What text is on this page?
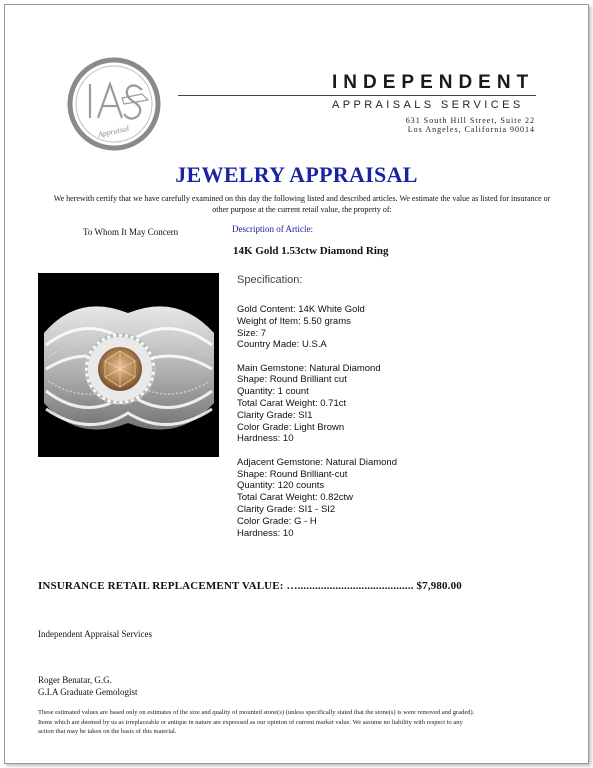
Appraisal
INDEPENDENT
APPRAISALS SERVICES
631 South Hill Street, Suite 22
Los Angeles, California 90014
JEWELRY APPRAISAL
We herewith certify that we have carefully examined on this day the following listed and described articles. We estimate the value as listed for insurance or other purpose at the current retail value, the property of:
To Whom It May Concern	Description of Article:
14K Gold 1.53ctw Diamond Ring
Specification:
Gold Content: 14K White Gold
Weight of Item: 5.50 grams
Size: 7
Country Made: U.S.A
Main Gemstone: Natural Diamond
Shape: Round Brilliant cut
Quantity: 1 count
Total Carat Weight: 0.71ct
Clarity Grade: SI1
Color Grade: Light Brown
Hardness: 10
Adjacent Gemstone: Natural Diamond
Shape: Round Brilliant-cut
Quantity: 120 counts
Total Carat Weight: 0.82ctw
Clarity Grade: SI1 - SI2
Color Grade: G - H
Hardness: 10
INSURANCE RETAIL REPLACEMENT VALUE: …........................................ $7,980.00
Independent Appraisal Services
Roger Benatar, G.G.
G.I.A Graduate Gemologist
These estimated values are based only on estimates of the size and quality of mounted stone(s) (unless specifically stated that the stone(s) is were removed and graded). Items which are deemed by us as irreplaceable or antique in nature are expressed as our opinion of current market value. We assume no liability with respect to any action that may be taken on the basis of this material.
